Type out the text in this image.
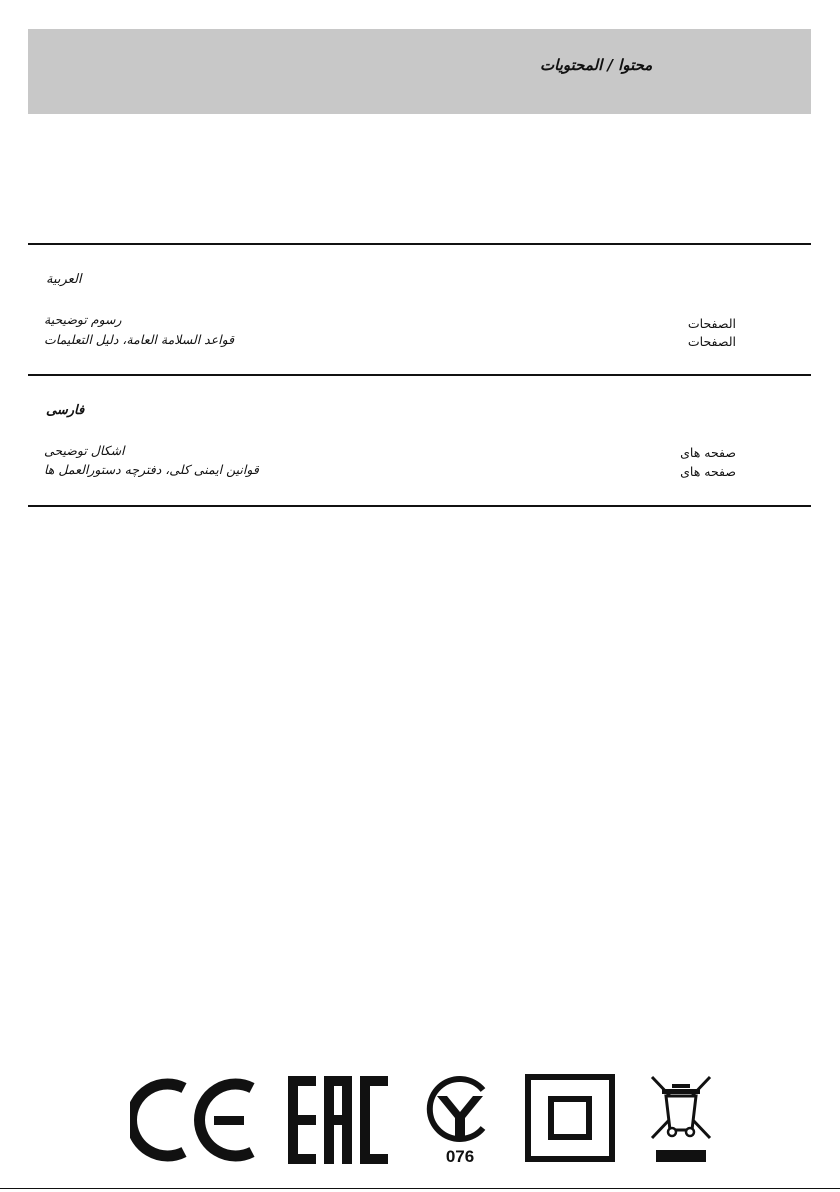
محتوا / المحتويات
العربية
رسوم توضيحية	الصفحات
قواعد السلامة العامة، دليل التعليمات	الصفحات
فارسی
اشکال توضیحی	صفحه های
قوانین ایمنی کلی، دفترچه دستورالعمل ها	صفحه های
076
